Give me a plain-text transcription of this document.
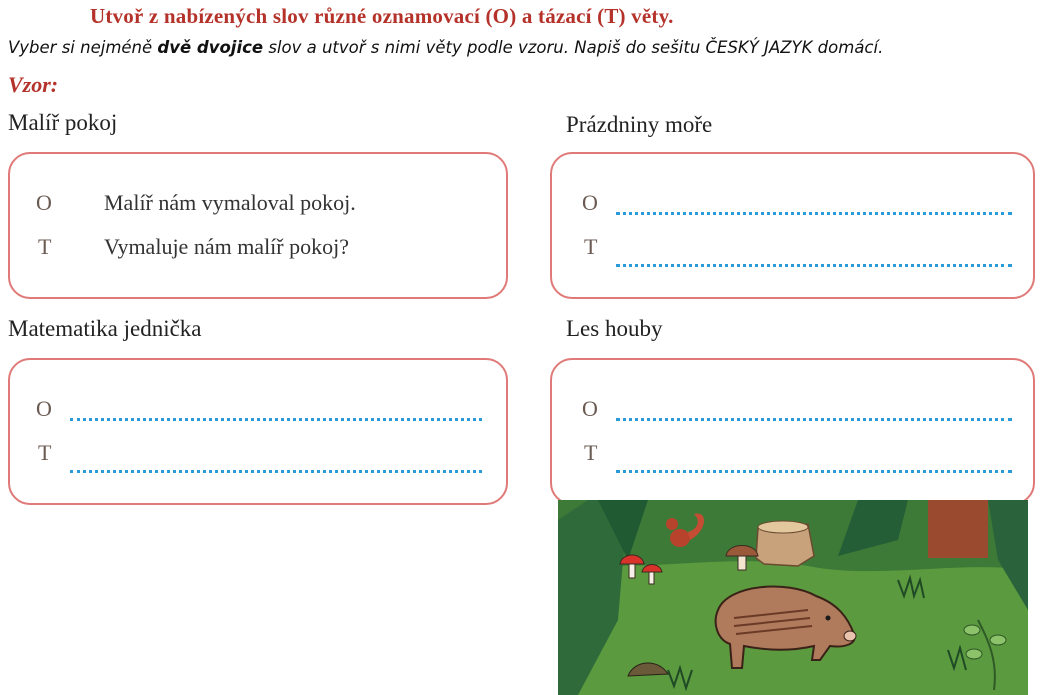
Utvoř z nabízených slov různé oznamovací (O) a tázací (T) věty.
Vyber si nejméně dvě dvojice slov a utvoř s nimi věty podle vzoru. Napiš do sešitu ČESKÝ JAZYK domácí.
Vzor:
Malíř pokoj
O Malíř nám vymaloval pokoj.
T Vymaluje nám malíř pokoj?
Prázdniny moře
O
T
Matematika jednička
O
T
Les houby
O
T
